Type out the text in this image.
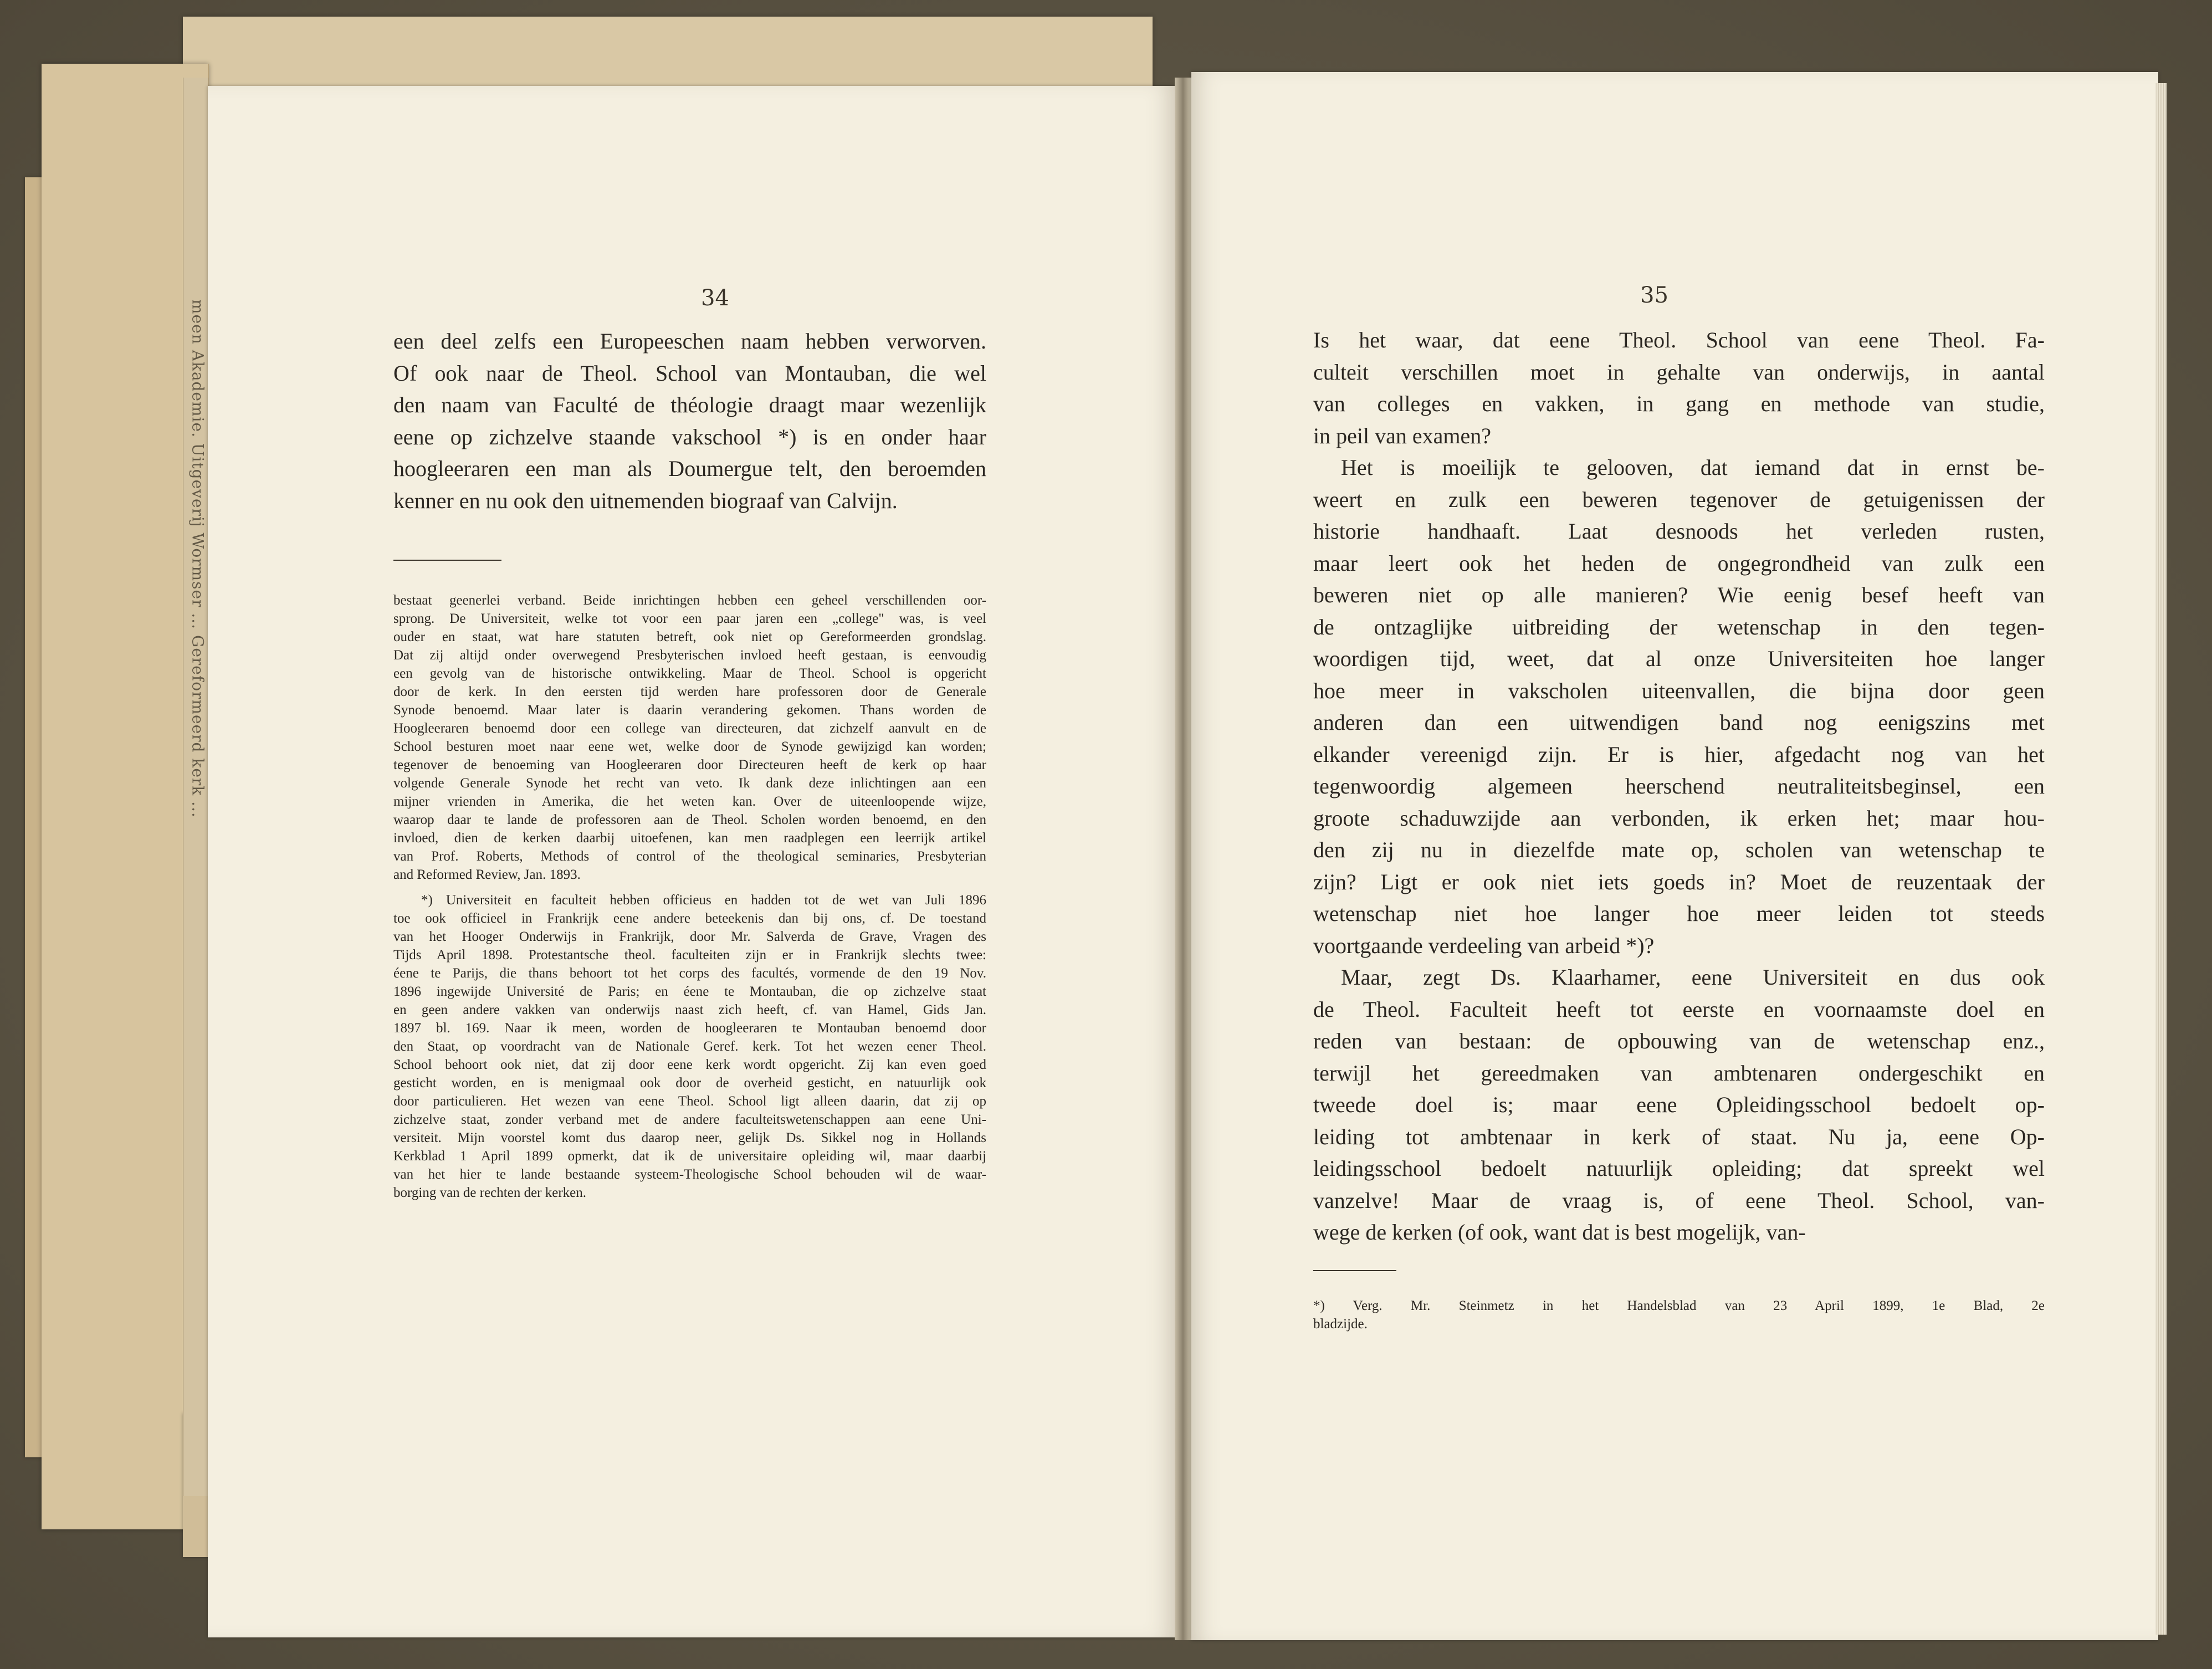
meen Akademie. Uitgeverij Wormser ... Gereformeerd kerk ...
34
een deel zelfs een Europeeschen naam hebben verworven.
Of ook naar de Theol. School van Montauban, die wel
den naam van Faculté de théologie draagt maar wezenlijk
eene op zichzelve staande vakschool *) is en onder haar
hoogleeraren een man als Doumergue telt, den beroemden
kenner en nu ook den uitnemenden biograaf van Calvijn.
bestaat geenerlei verband. Beide inrichtingen hebben een geheel verschillenden oor-
sprong. De Universiteit, welke tot voor een paar jaren een „college" was, is veel
ouder en staat, wat hare statuten betreft, ook niet op Gereformeerden grondslag.
Dat zij altijd onder overwegend Presbyterischen invloed heeft gestaan, is eenvoudig
een gevolg van de historische ontwikkeling. Maar de Theol. School is opgericht
door de kerk. In den eersten tijd werden hare professoren door de Generale
Synode benoemd. Maar later is daarin verandering gekomen. Thans worden de
Hoogleeraren benoemd door een college van directeuren, dat zichzelf aanvult en de
School besturen moet naar eene wet, welke door de Synode gewijzigd kan worden;
tegenover de benoeming van Hoogleeraren door Directeuren heeft de kerk op haar
volgende Generale Synode het recht van veto. Ik dank deze inlichtingen aan een
mijner vrienden in Amerika, die het weten kan. Over de uiteenloopende wijze,
waarop daar te lande de professoren aan de Theol. Scholen worden benoemd, en den
invloed, dien de kerken daarbij uitoefenen, kan men raadplegen een leerrijk artikel
van Prof. Roberts, Methods of control of the theological seminaries, Presbyterian
and Reformed Review, Jan. 1893.
*) Universiteit en faculteit hebben officieus en hadden tot de wet van Juli 1896
toe ook officieel in Frankrijk eene andere beteekenis dan bij ons, cf. De toestand
van het Hooger Onderwijs in Frankrijk, door Mr. Salverda de Grave, Vragen des
Tijds April 1898. Protestantsche theol. faculteiten zijn er in Frankrijk slechts twee:
éene te Parijs, die thans behoort tot het corps des facultés, vormende de den 19 Nov.
1896 ingewijde Université de Paris; en éene te Montauban, die op zichzelve staat
en geen andere vakken van onderwijs naast zich heeft, cf. van Hamel, Gids Jan.
1897 bl. 169. Naar ik meen, worden de hoogleeraren te Montauban benoemd door
den Staat, op voordracht van de Nationale Geref. kerk. Tot het wezen eener Theol.
School behoort ook niet, dat zij door eene kerk wordt opgericht. Zij kan even goed
gesticht worden, en is menigmaal ook door de overheid gesticht, en natuurlijk ook
door particulieren. Het wezen van eene Theol. School ligt alleen daarin, dat zij op
zichzelve staat, zonder verband met de andere faculteitswetenschappen aan eene Uni-
versiteit. Mijn voorstel komt dus daarop neer, gelijk Ds. Sikkel nog in Hollands
Kerkblad 1 April 1899 opmerkt, dat ik de universitaire opleiding wil, maar daarbij
van het hier te lande bestaande systeem-Theologische School behouden wil de waar-
borging van de rechten der kerken.
35
Is het waar, dat eene Theol. School van eene Theol. Fa-
culteit verschillen moet in gehalte van onderwijs, in aantal
van colleges en vakken, in gang en methode van studie,
in peil van examen?
Het is moeilijk te gelooven, dat iemand dat in ernst be-
weert en zulk een beweren tegenover de getuigenissen der
historie handhaaft. Laat desnoods het verleden rusten,
maar leert ook het heden de ongegrondheid van zulk een
beweren niet op alle manieren? Wie eenig besef heeft van
de ontzaglijke uitbreiding der wetenschap in den tegen-
woordigen tijd, weet, dat al onze Universiteiten hoe langer
hoe meer in vakscholen uiteenvallen, die bijna door geen
anderen dan een uitwendigen band nog eenigszins met
elkander vereenigd zijn. Er is hier, afgedacht nog van het
tegenwoordig algemeen heerschend neutraliteitsbeginsel, een
groote schaduwzijde aan verbonden, ik erken het; maar hou-
den zij nu in diezelfde mate op, scholen van wetenschap te
zijn? Ligt er ook niet iets goeds in? Moet de reuzentaak der
wetenschap niet hoe langer hoe meer leiden tot steeds
voortgaande verdeeling van arbeid *)?
Maar, zegt Ds. Klaarhamer, eene Universiteit en dus ook
de Theol. Faculteit heeft tot eerste en voornaamste doel en
reden van bestaan: de opbouwing van de wetenschap enz.,
terwijl het gereedmaken van ambtenaren ondergeschikt en
tweede doel is; maar eene Opleidingsschool bedoelt op-
leiding tot ambtenaar in kerk of staat. Nu ja, eene Op-
leidingsschool bedoelt natuurlijk opleiding; dat spreekt wel
vanzelve! Maar de vraag is, of eene Theol. School, van-
wege de kerken (of ook, want dat is best mogelijk, van-
*) Verg. Mr. Steinmetz in het Handelsblad van 23 April 1899, 1e Blad, 2e
bladzijde.
